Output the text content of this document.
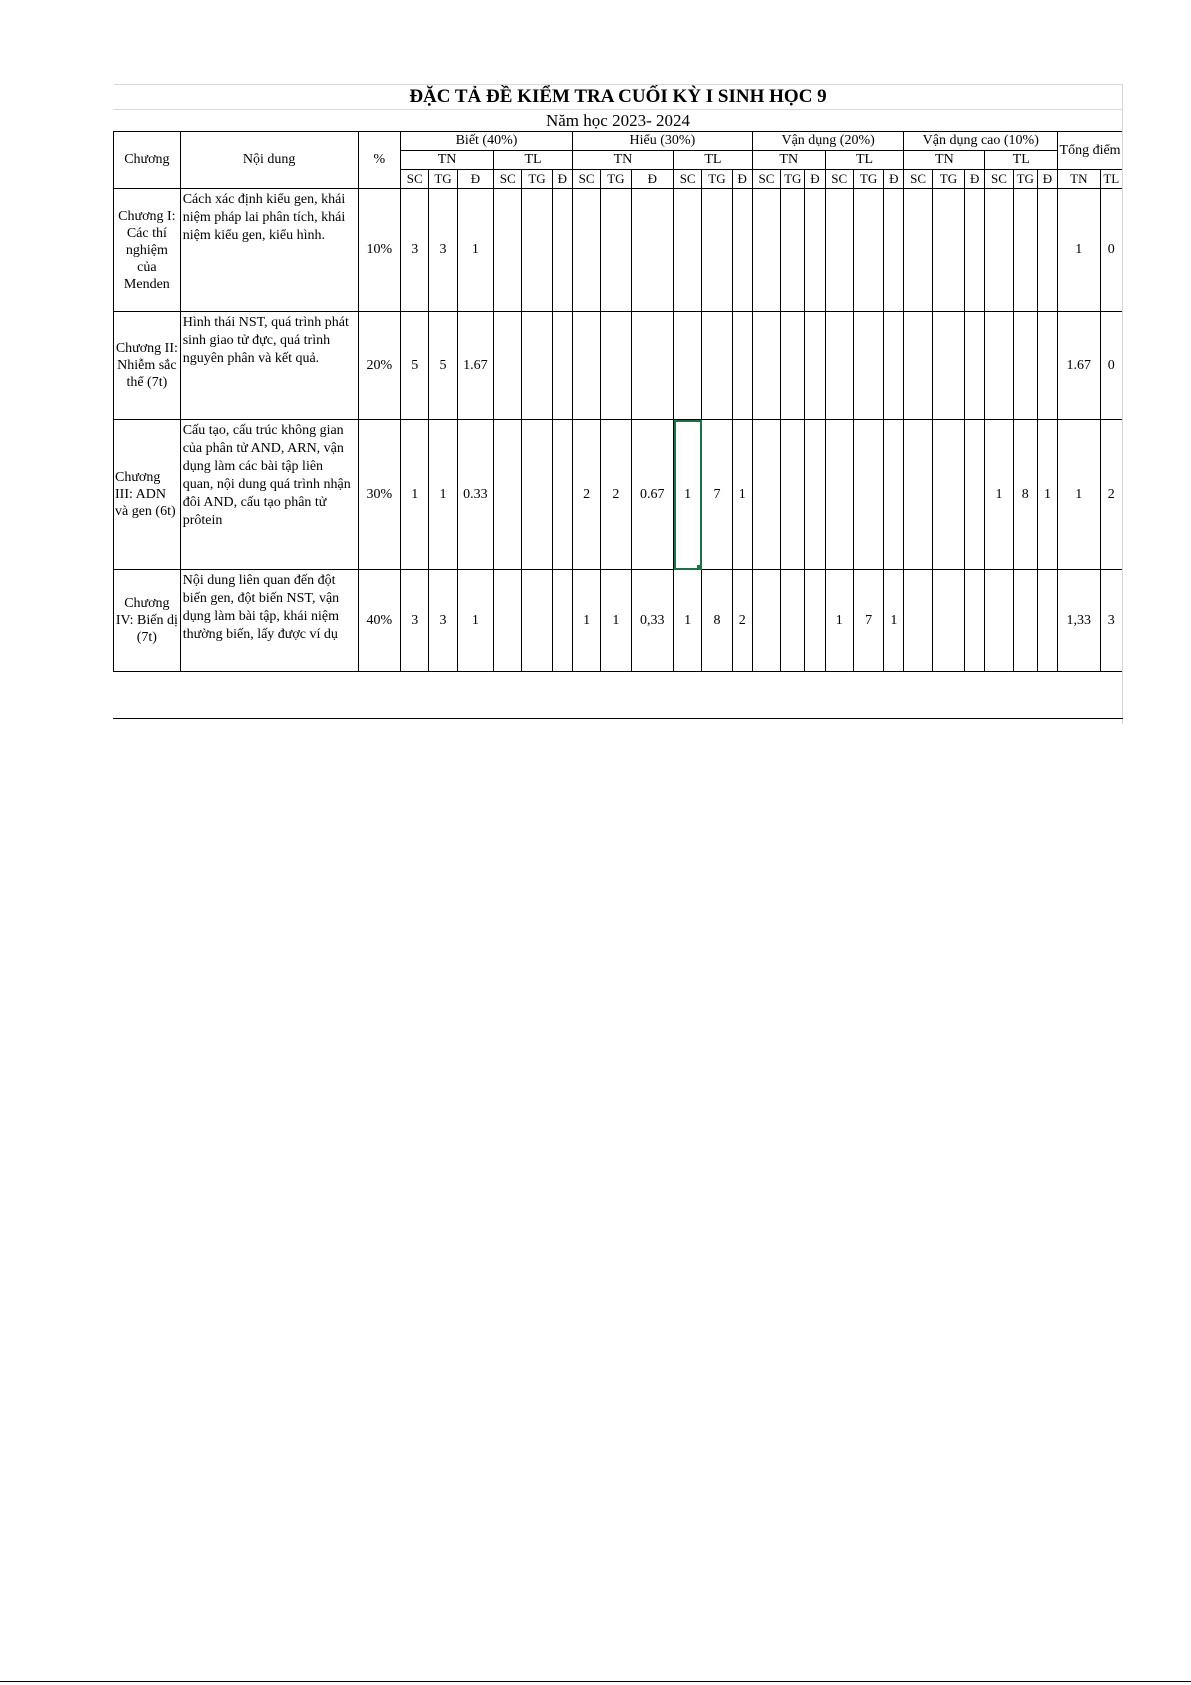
ĐẶC TẢ ĐỀ KIỂM TRA CUỐI KỲ I SINH HỌC 9																												
Năm học 2023- 2024																												
Chương	Nội dung	%	Biết (40%)						Hiểu (30%)						Vận dụng (20%)						Vận dụng cao (10%)						Tổng điểm	
			TN			TL			TN			TL			TN			TL			TN			TL				
			SC	TG	Đ	SC	TG	Đ	SC	TG	Đ	SC	TG	Đ	SC	TG	Đ	SC	TG	Đ	SC	TG	Đ	SC	TG	Đ	TN	TL
Chương I: Các thí nghiệm của Menden	Cách xác định kiểu gen, khái niệm pháp lai phân tích, khái niệm kiểu gen, kiểu hình.	10%	3	3	1																						1	0
Chương II: Nhiễm sắc thể (7t)	Hình thái NST, quá trình phát sinh giao tử đực, quá trình nguyên phân và kết quả.	20%	5	5	1.67																						1.67	0
Chương III: ADN và gen (6t)	Cấu tạo, cấu trúc không gian của phân tử AND, ARN, vận dụng làm các bài tập liên quan, nội dung quá trình nhận đôi AND, cấu tạo phân tử prôtein	30%	1	1	0.33				2	2	0.67	1	7	1										1	8	1	1	2
Chương IV: Biến dị (7t)	Nội dung liên quan đến đột biến gen, đột biến NST, vận dụng làm bài tập, khái niệm thường biến, lấy được ví dụ	40%	3	3	1				1	1	0,33	1	8	2				1	7	1							1,33	3
